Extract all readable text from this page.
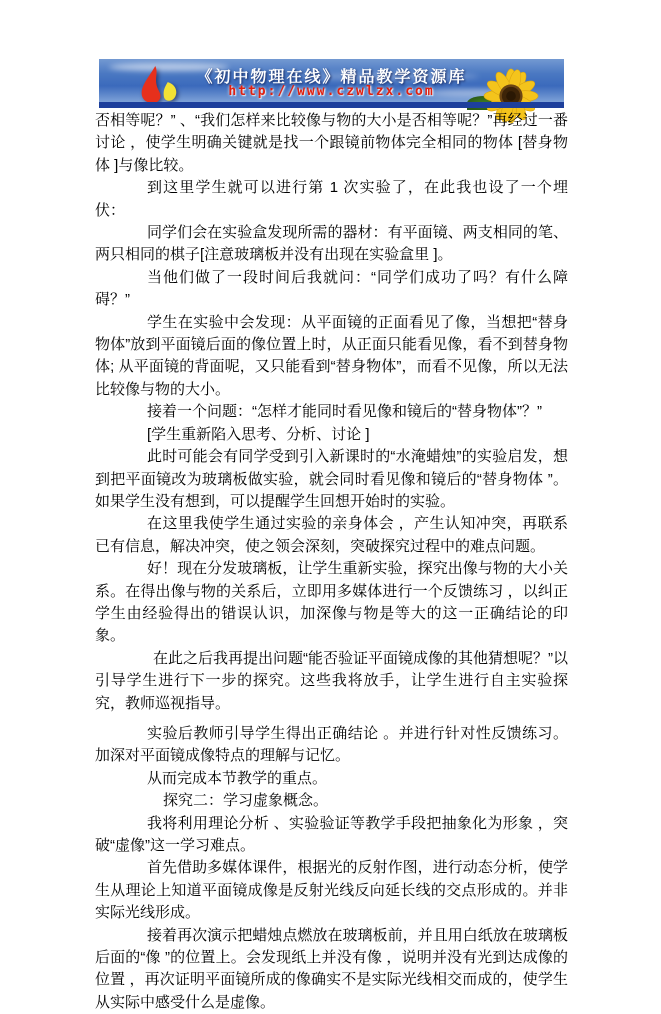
《初中物理在线》精品教学资源库
http://www.czwlzx.com

否相等呢？” 、“我们怎样来比较像与物的大小是否相等呢？”再经过一番讨论 ，使学生明确关键就是找一个跟镜前物体完全相同的物体 [替身物体 ]与像比较。

到这里学生就可以进行第 1 次实验了，在此我也设了一个埋伏：

同学们会在实验盒发现所需的器材：有平面镜、两支相同的笔、两只相同的棋子[注意玻璃板并没有出现在实验盒里 ]。

当他们做了一段时间后我就问：“同学们成功了吗？有什么障碍？”

学生在实验中会发现：从平面镜的正面看见了像，当想把“替身物体”放到平面镜后面的像位置上时，从正面只能看见像，看不到替身物体; 从平面镜的背面呢，又只能看到“替身物体”，而看不见像，所以无法比较像与物的大小。

接着一个问题：“怎样才能同时看见像和镜后的“替身物体”？”

[学生重新陷入思考、分析、讨论 ]

此时可能会有同学受到引入新课时的“水淹蜡烛”的实验启发，想到把平面镜改为玻璃板做实验，就会同时看见像和镜后的“替身物体 ”。如果学生没有想到，可以提醒学生回想开始时的实验。

在这里我使学生通过实验的亲身体会 ，产生认知冲突，再联系已有信息，解决冲突，使之领会深刻，突破探究过程中的难点问题。

好！现在分发玻璃板，让学生重新实验，探究出像与物的大小关系。在得出像与物的关系后，立即用多媒体进行一个反馈练习 ，以纠正学生由经验得出的错误认识，加深像与物是等大的这一正确结论的印象。

在此之后我再提出问题“能否验证平面镜成像的其他猜想呢？”以引导学生进行下一步的探究。这些我将放手，让学生进行自主实验探究，教师巡视指导。

实验后教师引导学生得出正确结论 。并进行针对性反馈练习。加深对平面镜成像特点的理解与记忆。

从而完成本节教学的重点。

探究二：学习虚象概念。

我将利用理论分析 、实验验证等教学手段把抽象化为形象 ，突破“虚像”这一学习难点。

首先借助多媒体课件，根据光的反射作图，进行动态分析，使学生从理论上知道平面镜成像是反射光线反向延长线的交点形成的。并非实际光线形成。

接着再次演示把蜡烛点燃放在玻璃板前，并且用白纸放在玻璃板后面的“像 ”的位置上。会发现纸上并没有像 ，说明并没有光到达成像的位置 ，再次证明平面镜所成的像确实不是实际光线相交而成的，使学生从实际中感受什么是虚像。
